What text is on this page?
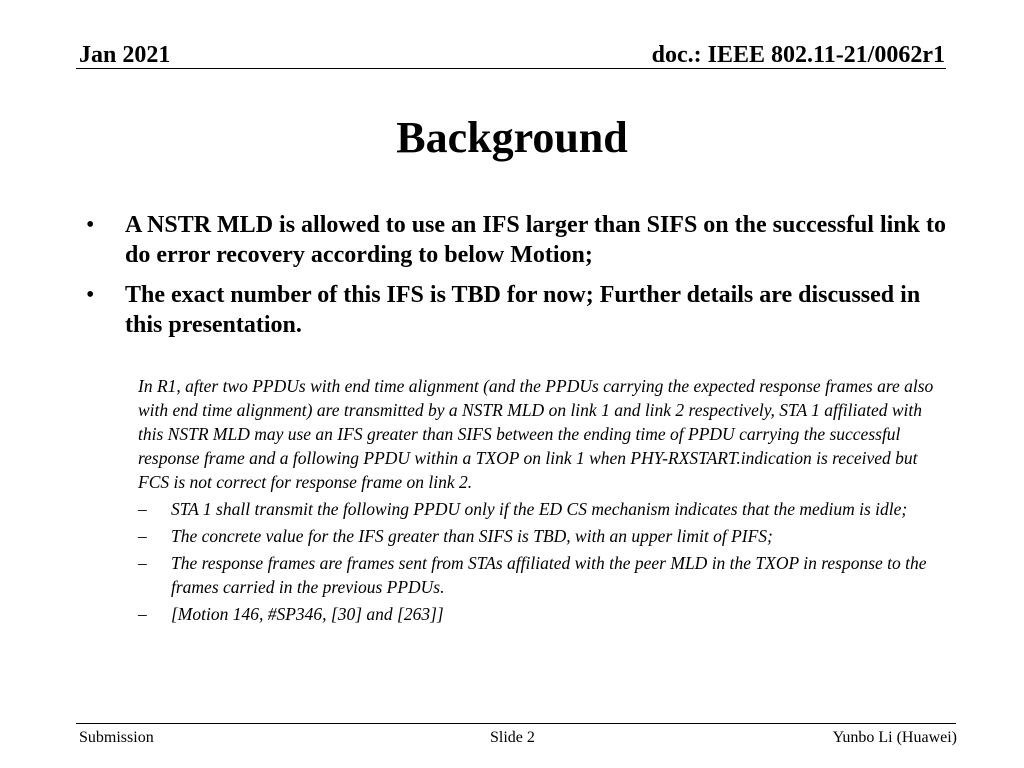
Jan 2021	doc.: IEEE 802.11-21/0062r1
Background
• A NSTR MLD is allowed to use an IFS larger than SIFS on the successful link to do error recovery according to below Motion;
• The exact number of this IFS is TBD for now; Further details are discussed in this presentation.
In R1, after two PPDUs with end time alignment (and the PPDUs carrying the expected response frames are also with end time alignment) are transmitted by a NSTR MLD on link 1 and link 2 respectively, STA 1 affiliated with this NSTR MLD may use an IFS greater than SIFS between the ending time of PPDU carrying the successful response frame and a following PPDU within a TXOP on link 1 when PHY-RXSTART.indication is received but FCS is not correct for response frame on link 2.
– STA 1 shall transmit the following PPDU only if the ED CS mechanism indicates that the medium is idle;
– The concrete value for the IFS greater than SIFS is TBD, with an upper limit of PIFS;
– The response frames are frames sent from STAs affiliated with the peer MLD in the TXOP in response to the frames carried in the previous PPDUs.
– [Motion 146, #SP346, [30] and [263]]
Submission	Slide 2	Yunbo Li (Huawei)
